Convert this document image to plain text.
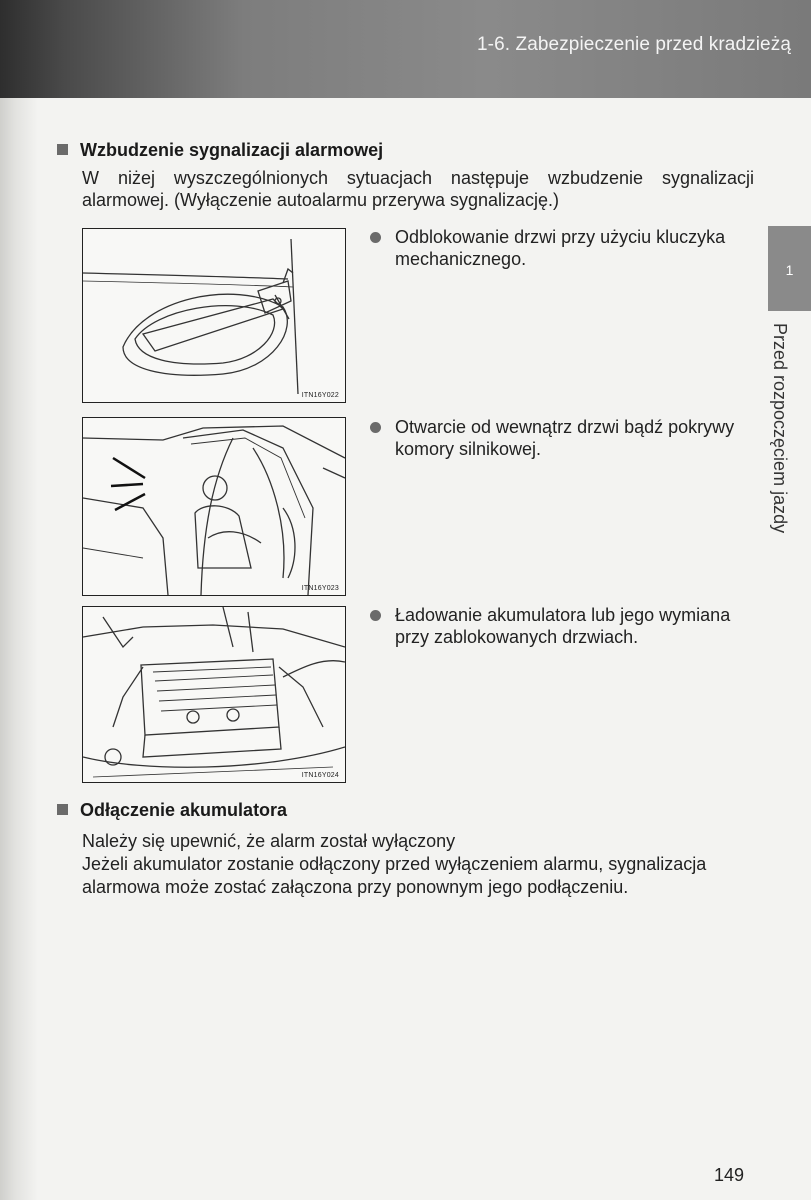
1-6. Zabezpieczenie przed kradzieżą
1
Przed rozpoczęciem jazdy
Wzbudzenie sygnalizacji alarmowej
W niżej wyszczególnionych sytuacjach następuje wzbudzenie sygnalizacji
alarmowej. (Wyłączenie autoalarmu przerywa sygnalizację.)
ITN16Y022
Odblokowanie drzwi przy użyciu kluczyka
mechanicznego.
ITN16Y023
Otwarcie od wewnątrz drzwi bądź pokrywy
komory silnikowej.
ITN16Y024
Ładowanie akumulatora lub jego wymiana
przy zablokowanych drzwiach.
Odłączenie akumulatora
Należy się upewnić, że alarm został wyłączony
Jeżeli akumulator zostanie odłączony przed wyłączeniem alarmu, sygnalizacja
alarmowa może zostać załączona przy ponownym jego podłączeniu.
149
